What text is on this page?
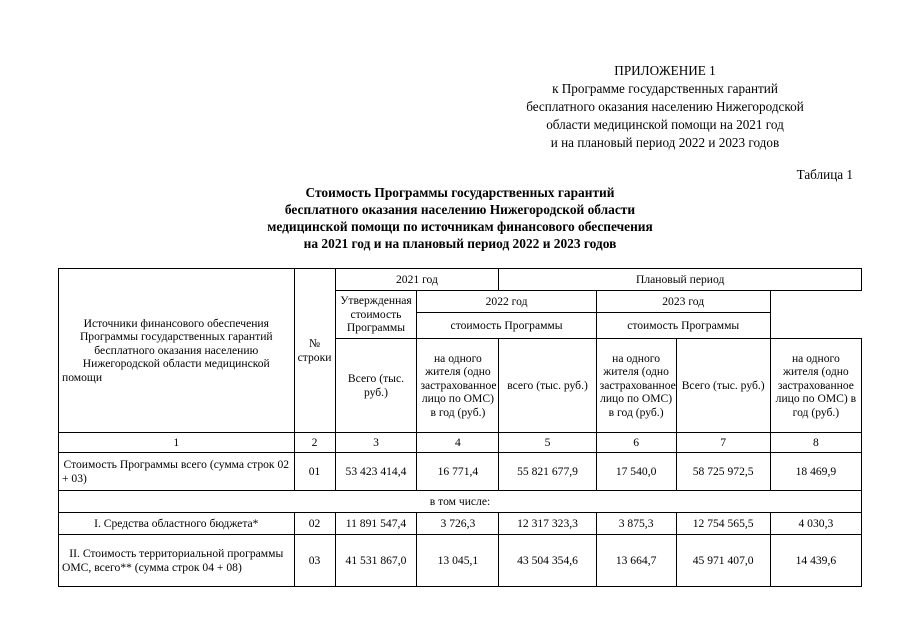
ПРИЛОЖЕНИЕ 1
к Программе государственных гарантий
бесплатного оказания населению Нижегородской
области медицинской помощи на 2021 год
и на плановый период 2022 и 2023 годов
Таблица 1
Стоимость Программы государственных гарантий
бесплатного оказания населению Нижегородской области
медицинской помощи по источникам финансового обеспечения
на 2021 год и на плановый период 2022 и 2023 годов
Источники финансового обеспечения Программы государственных гарантий бесплатного оказания населению Нижегородской области медицинской помощи	№ строки	2021 год		Плановый период			
		Утвержденная стоимость Программы	2022 год		2023 год		
			стоимость Программы		стоимость Программы		
		Всего (тыс. руб.)	на одного жителя (одно застрахованное лицо по ОМС) в год (руб.)	всего (тыс. руб.)	на одного жителя (одно застрахованное лицо по ОМС) в год (руб.)	Всего (тыс. руб.)	на одного жителя (одно застрахованное лицо по ОМС) в год (руб.)
1	2	3	4	5	6	7	8
Стоимость Программы всего (сумма строк 02 + 03)	01	53 423 414,4	16 771,4	55 821 677,9	17 540,0	58 725 972,5	18 469,9
в том числе:							
I. Средства областного бюджета*	02	11 891 547,4	3 726,3	12 317 323,3	3 875,3	12 754 565,5	4 030,3
II. Стоимость территориальной программы ОМС, всего** (сумма строк 04 + 08)	03	41 531 867,0	13 045,1	43 504 354,6	13 664,7	45 971 407,0	14 439,6
